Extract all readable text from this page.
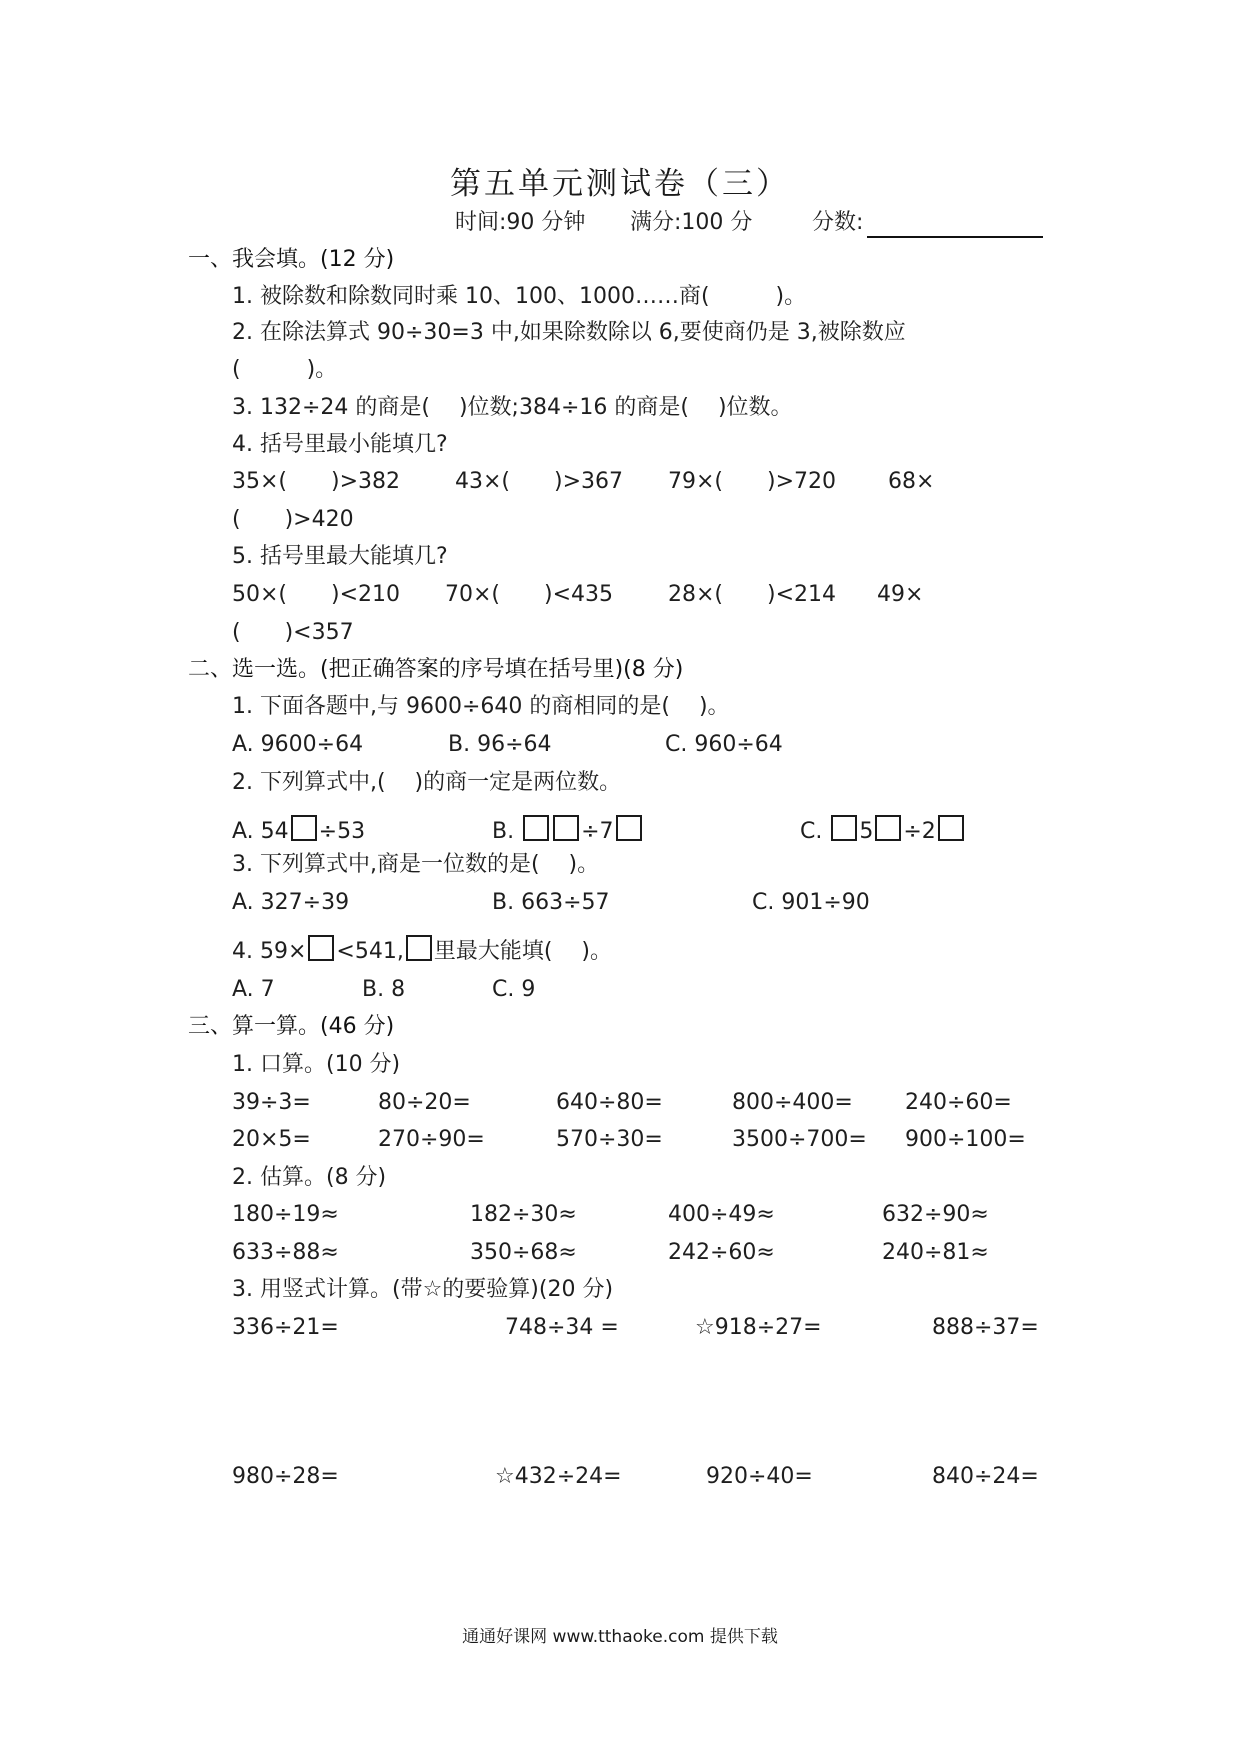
第五单元测试卷（三）
时间:90 分钟 满分:100 分	分数:
一、我会填。(12 分)
1. 被除数和除数同时乘 10、100、1000……商(　　　)。
2. 在除法算式 90÷30=3 中,如果除数除以 6,要使商仍是 3,被除数应
(　　　)。
3. 132÷24 的商是(　 )位数;384÷16 的商是(　 )位数。
4. 括号里最小能填几?
35×(　　)>382 43×(　　)>367 79×(　　)>720 68×
(　　)>420
5. 括号里最大能填几?
50×(　　)<210 70×(　　)<435 28×(　　)<214 49×
(　　)<357
二、选一选。(把正确答案的序号填在括号里)(8 分)
1. 下面各题中,与 9600÷640 的商相同的是(　 )。
A. 9600÷64	B. 96÷64	C. 960÷64
2. 下列算式中,(　 )的商一定是两位数。
A. 54 ÷53	B.	÷7	C. 5 ÷2
3. 下列算式中,商是一位数的是(　 )。
A. 327÷39	B. 663÷57	C. 901÷90
4. 59× <541, 里最大能填(　 )。
A. 7	B. 8	C. 9
三、算一算。(46 分)
1. 口算。(10 分)
39÷3=	80÷20=	640÷80=	800÷400= 240÷60=
20×5=	270÷90=	570÷30=	3500÷700= 900÷100=
2. 估算。(8 分)
180÷19≈	182÷30≈	400÷49≈	632÷90≈
633÷88≈	350÷68≈	242÷60≈	240÷81≈
3. 用竖式计算。(带☆的要验算)(20 分)
336÷21=	748÷34 =	☆918÷27=	888÷37=
980÷28=	☆432÷24=	920÷40=	840÷24=
通通好课网 www.tthaoke.com 提供下载
